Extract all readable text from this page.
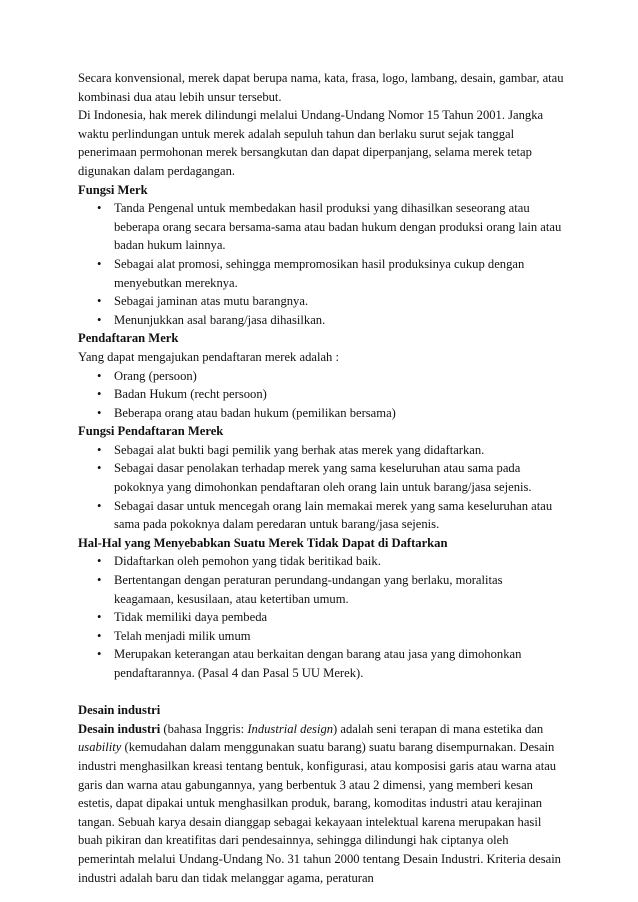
Secara konvensional, merek dapat berupa nama, kata, frasa, logo, lambang, desain, gambar, atau kombinasi dua atau lebih unsur tersebut.

Di Indonesia, hak merek dilindungi melalui Undang-Undang Nomor 15 Tahun 2001. Jangka waktu perlindungan untuk merek adalah sepuluh tahun dan berlaku surut sejak tanggal penerimaan permohonan merek bersangkutan dan dapat diperpanjang, selama merek tetap digunakan dalam perdagangan.

Fungsi Merk
• Tanda Pengenal untuk membedakan hasil produksi yang dihasilkan seseorang atau beberapa orang secara bersama-sama atau badan hukum dengan produksi orang lain atau badan hukum lainnya.
• Sebagai alat promosi, sehingga mempromosikan hasil produksinya cukup dengan menyebutkan mereknya.
• Sebagai jaminan atas mutu barangnya.
• Menunjukkan asal barang/jasa dihasilkan.
Pendaftaran Merk

Yang dapat mengajukan pendaftaran merek adalah :

• Orang (persoon)
• Badan Hukum (recht persoon)
• Beberapa orang atau badan hukum (pemilikan bersama)
Fungsi Pendaftaran Merek
• Sebagai alat bukti bagi pemilik yang berhak atas merek yang didaftarkan.
• Sebagai dasar penolakan terhadap merek yang sama keseluruhan atau sama pada pokoknya yang dimohonkan pendaftaran oleh orang lain untuk barang/jasa sejenis.
• Sebagai dasar untuk mencegah orang lain memakai merek yang sama keseluruhan atau sama pada pokoknya dalam peredaran untuk barang/jasa sejenis.
Hal-Hal yang Menyebabkan Suatu Merek Tidak Dapat di Daftarkan
• Didaftarkan oleh pemohon yang tidak beritikad baik.
• Bertentangan dengan peraturan perundang-undangan yang berlaku, moralitas keagamaan, kesusilaan, atau ketertiban umum.
• Tidak memiliki daya pembeda
• Telah menjadi milik umum
• Merupakan keterangan atau berkaitan dengan barang atau jasa yang dimohonkan pendaftarannya. (Pasal 4 dan Pasal 5 UU Merek).
Desain industri

Desain industri (bahasa Inggris: Industrial design) adalah seni terapan di mana estetika dan usability (kemudahan dalam menggunakan suatu barang) suatu barang disempurnakan. Desain industri menghasilkan kreasi tentang bentuk, konfigurasi, atau komposisi garis atau warna atau garis dan warna atau gabungannya, yang berbentuk 3 atau 2 dimensi, yang memberi kesan estetis, dapat dipakai untuk menghasilkan produk, barang, komoditas industri atau kerajinan tangan. Sebuah karya desain dianggap sebagai kekayaan intelektual karena merupakan hasil buah pikiran dan kreatifitas dari pendesainnya, sehingga dilindungi hak ciptanya oleh pemerintah melalui Undang-Undang No. 31 tahun 2000 tentang Desain Industri. Kriteria desain industri adalah baru dan tidak melanggar agama, peraturan
